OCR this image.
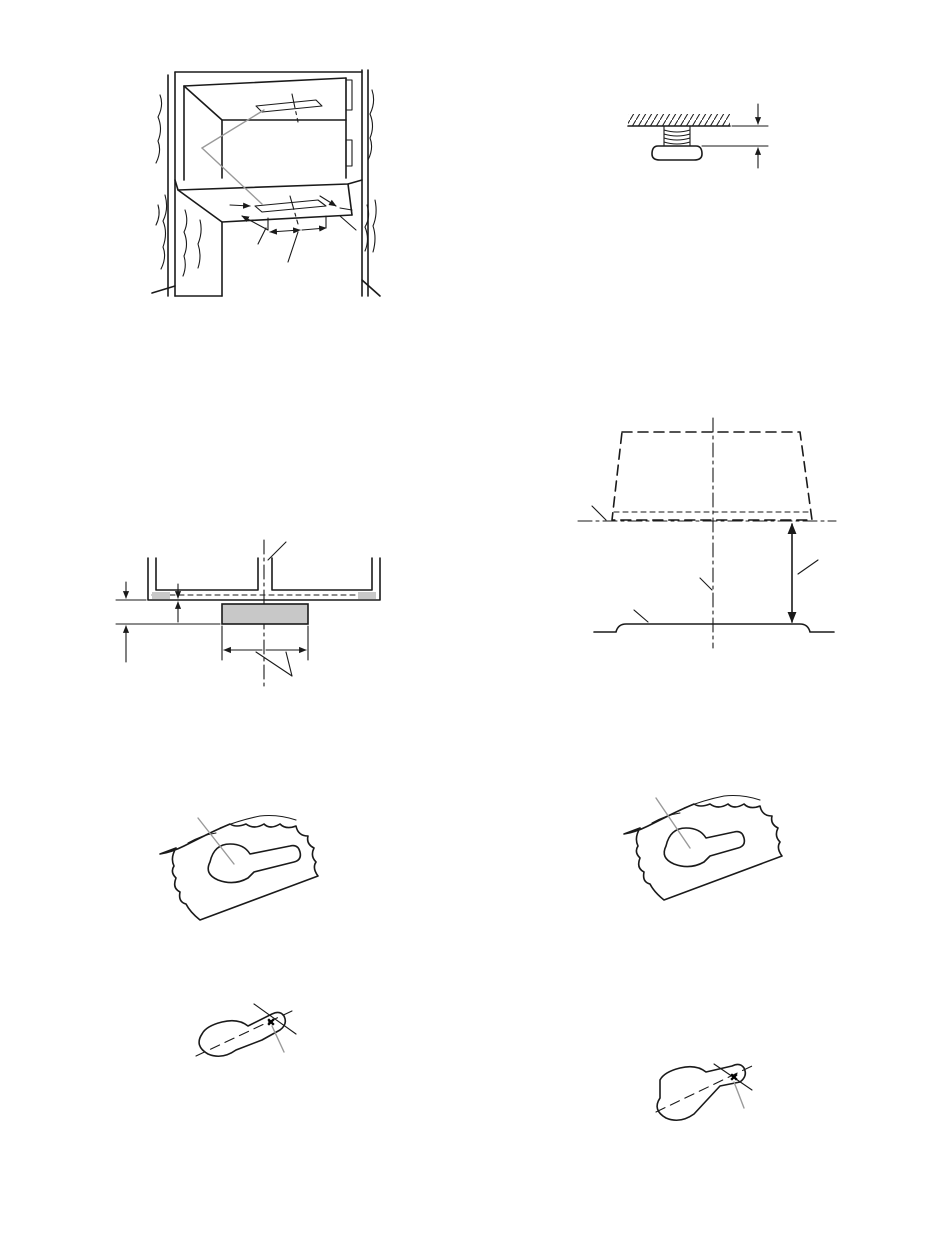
✖
✖
